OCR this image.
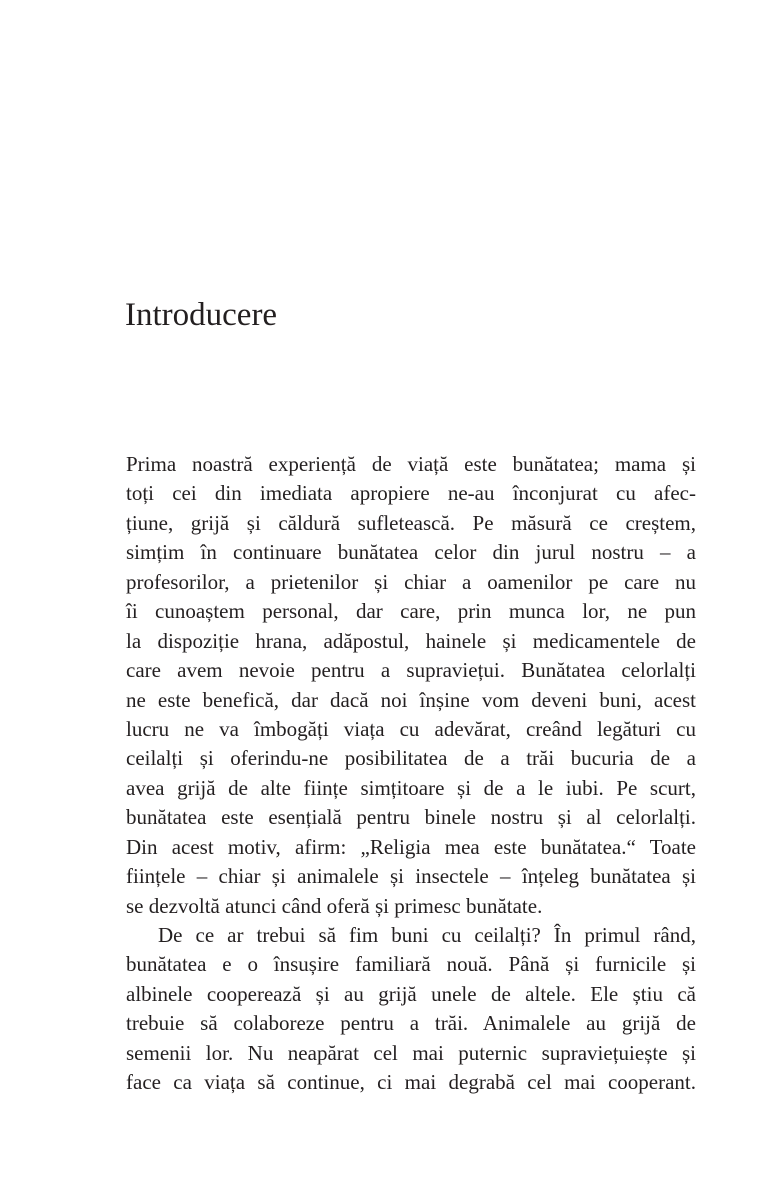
Introducere
Prima noastră experiență de viață este bunătatea; mama și
toți cei din imediata apropiere ne-au înconjurat cu afec-
țiune, grijă și căldură sufletească. Pe măsură ce creștem,
simțim în continuare bunătatea celor din jurul nostru – a
profesorilor, a prietenilor și chiar a oamenilor pe care nu
îi cunoaștem personal, dar care, prin munca lor, ne pun
la dispoziție hrana, adăpostul, hainele și medicamentele de
care avem nevoie pentru a supraviețui. Bunătatea celorlalți
ne este benefică, dar dacă noi înșine vom deveni buni, acest
lucru ne va îmbogăți viața cu adevărat, creând legături cu
ceilalți și oferindu-ne posibilitatea de a trăi bucuria de a
avea grijă de alte ființe simțitoare și de a le iubi. Pe scurt,
bunătatea este esențială pentru binele nostru și al celorlalți.
Din acest motiv, afirm: „Religia mea este bunătatea.“ Toate
ființele – chiar și animalele și insectele – înțeleg bunătatea și
se dezvoltă atunci când oferă și primesc bunătate.
De ce ar trebui să fim buni cu ceilalți? În primul rând,
bunătatea e o însușire familiară nouă. Până și furnicile și
albinele cooperează și au grijă unele de altele. Ele știu că
trebuie să colaboreze pentru a trăi. Animalele au grijă de
semenii lor. Nu neapărat cel mai puternic supraviețuiește și
face ca viața să continue, ci mai degrabă cel mai cooperant.
